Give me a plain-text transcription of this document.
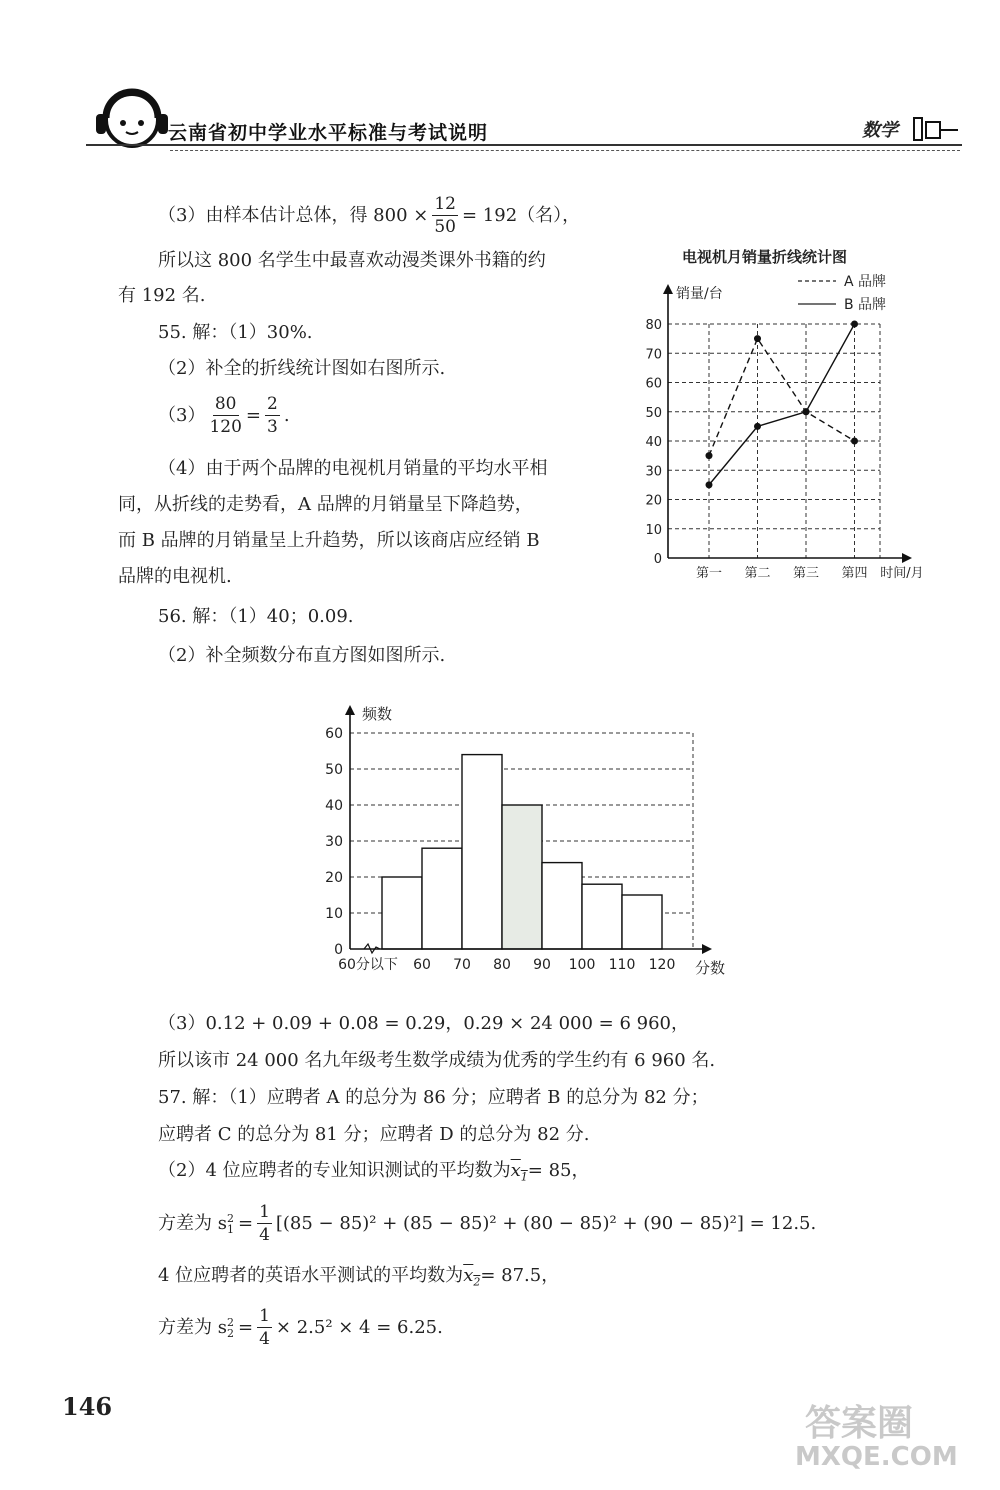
云南省初中学业水平标准与考试说明	数学
（3）由样本估计总体，得 $800 \times \frac{12}{50} = 192$（名），
所以这 800 名学生中最喜欢动漫类课外书籍的约
有 192 名.
55. 解：（1）30%.
（2）补全的折线统计图如右图所示.
$(3) \frac{80}{120} = \frac{2}{3}$ .
（4）由于两个品牌的电视机月销量的平均水平相
同，从折线的走势看，A 品牌的月销量呈下降趋势，
而 B 品牌的月销量呈上升趋势，所以该商店应经销 B
品牌的电视机.
56. 解：（1）40；0.09.
（2）补全频数分布直方图如图所示.
电视机月销量折线统计图
A 品牌
B 品牌
销量/台
0
10
20
30
40
50
60
70
80
第一 第二 第三 第四 时间/月
频数
0
10
20
30
40
50
60
60分以下 60 70 80 90 100 110 120 分数
（3）0.12 + 0.09 + 0.08 = 0.29，0.29 × 24 000 = 6 960，
所以该市 24 000 名九年级考生数学成绩为优秀的学生约有 6 960 名.
57. 解：（1）应聘者 A 的总分为 86 分；应聘者 B 的总分为 82 分；
应聘者 C 的总分为 81 分；应聘者 D 的总分为 82 分.
（2）4 位应聘者的专业知识测试的平均数为$x_1= 85$，
方差为 s 2
$1 = \frac{1}{4} [(85 - 85)^2 + (85 - 85)^2 + (80 - 85)^2 + (90 - 85)^2] = 12.5$.
4 位应聘者的英语水平测试的平均数为$x_2= 87.5$，
方差为 s 2
$2 = \frac{1}{4} \times 2.5^2 \times 4 = 6.25$.
146	答案圈
MXQE.COM
